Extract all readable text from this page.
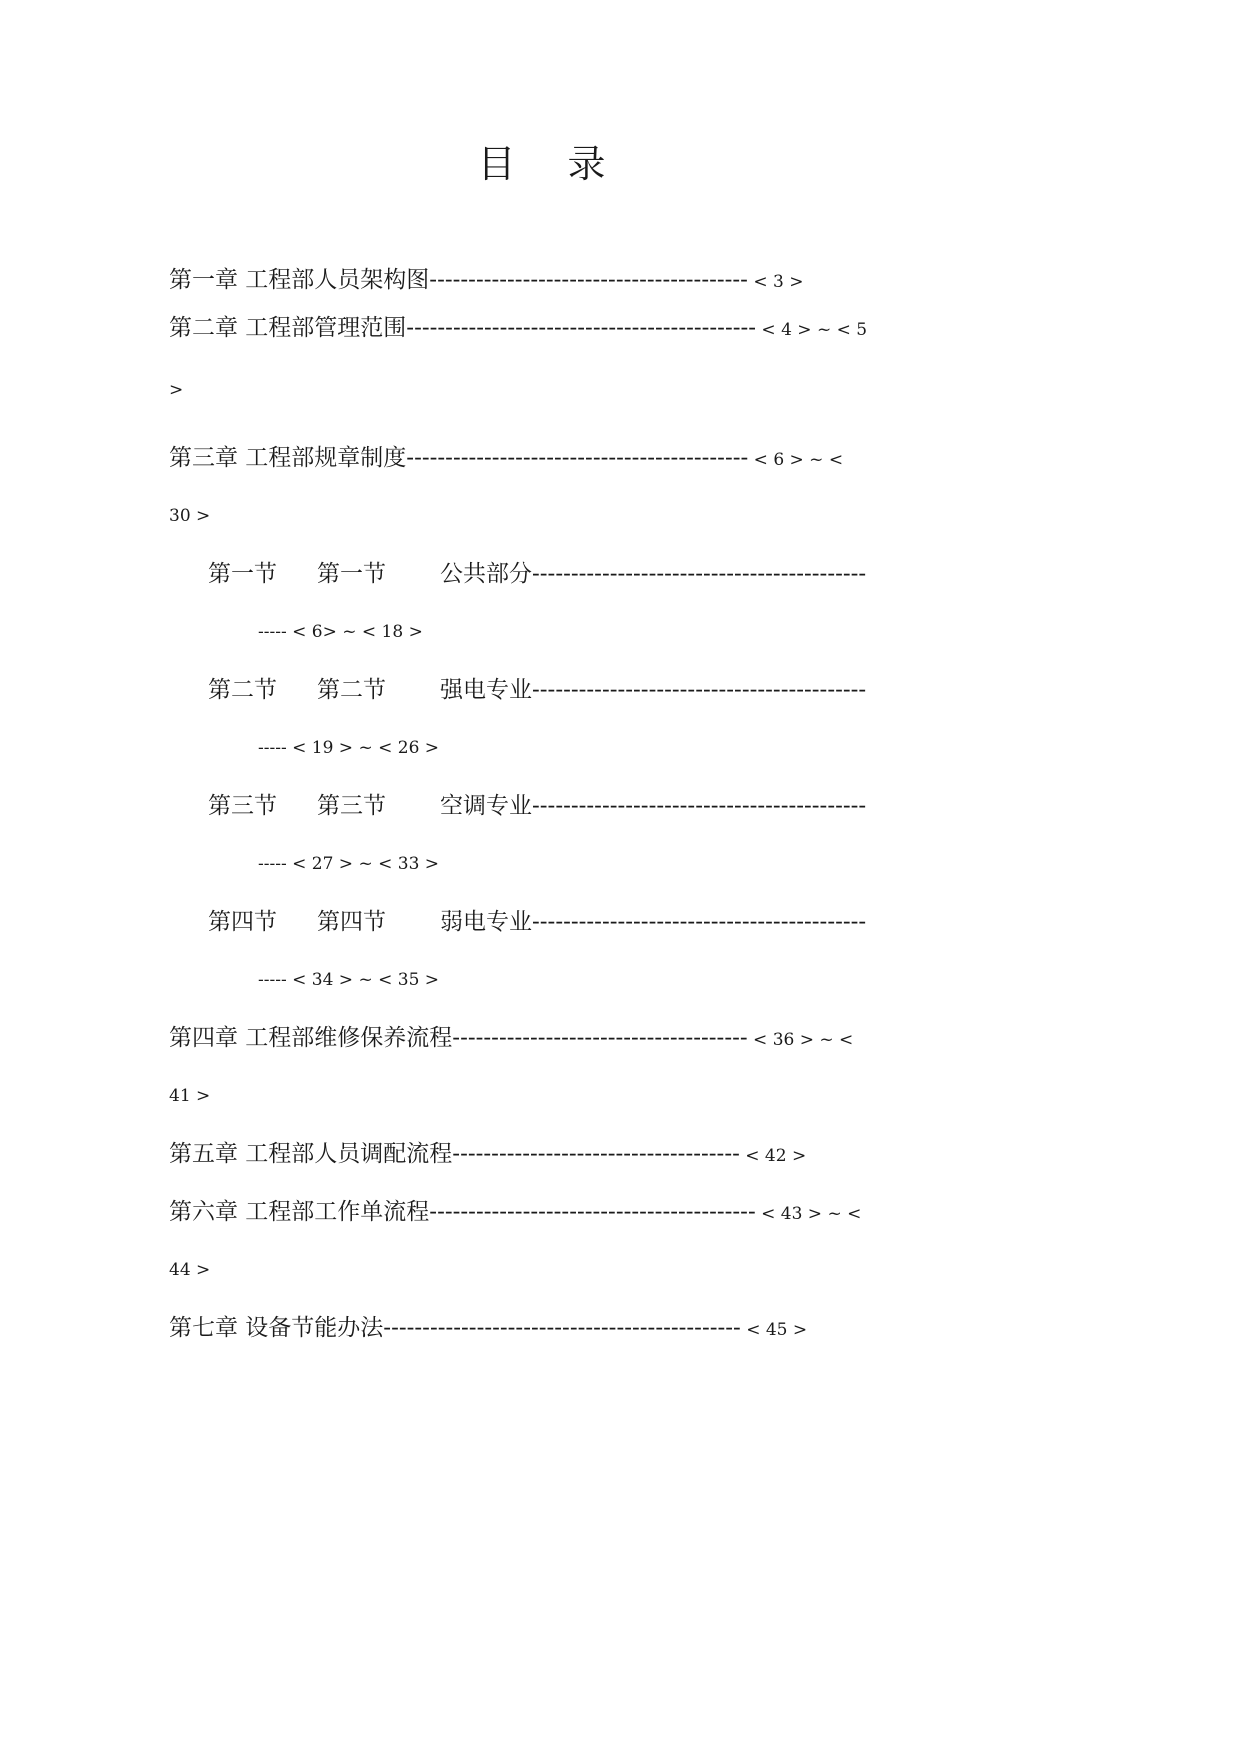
目 录
第一章 工程部人员架构图----------------------------------------- < 3 >
第二章 工程部管理范围--------------------------------------------- < 4 > ~ < 5
>
第三章 工程部规章制度-------------------------------------------- < 6 > ~ <
30 >
第一节 第一节 公共部分-------------------------------------------
----- < 6> ~ < 18 >
第二节 第二节 强电专业-------------------------------------------
----- < 19 > ~ < 26 >
第三节 第三节 空调专业-------------------------------------------
----- < 27 > ~ < 33 >
第四节 第四节 弱电专业-------------------------------------------
----- < 34 > ~ < 35 >
第四章 工程部维修保养流程-------------------------------------- < 36 > ~ <
41 >
第五章 工程部人员调配流程------------------------------------- < 42 >
第六章 工程部工作单流程------------------------------------------ < 43 > ~ <
44 >
第七章 设备节能办法---------------------------------------------- < 45 >
